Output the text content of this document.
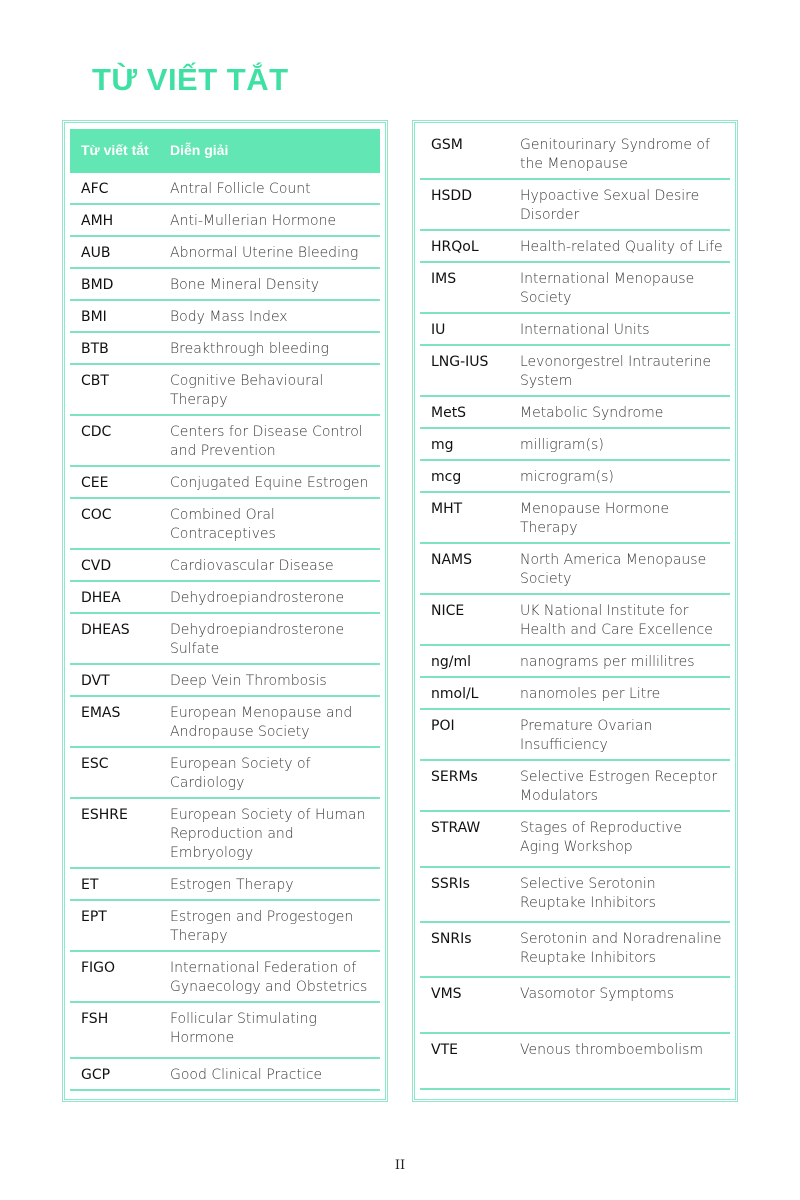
TỪ VIẾT TẮT
Từ viết tắt	Diễn giải
AFC	Antral Follicle Count
AMH	Anti-Mullerian Hormone
AUB	Abnormal Uterine Bleeding
BMD	Bone Mineral Density
BMI	Body Mass Index
BTB	Breakthrough bleeding
CBT	Cognitive Behavioural Therapy
CDC	Centers for Disease Control and Prevention
CEE	Conjugated Equine Estrogen
COC	Combined Oral Contraceptives
CVD	Cardiovascular Disease
DHEA	Dehydroepiandrosterone
DHEAS	Dehydroepiandrosterone Sulfate
DVT	Deep Vein Thrombosis
EMAS	European Menopause and Andropause Society
ESC	European Society of Cardiology
ESHRE	European Society of Human Reproduction and Embryology
ET	Estrogen Therapy
EPT	Estrogen and Progestogen Therapy
FIGO	International Federation of Gynaecology and Obstetrics
FSH	Follicular Stimulating Hormone
GCP	Good Clinical Practice
GSM	Genitourinary Syndrome of the Menopause
HSDD	Hypoactive Sexual Desire Disorder
HRQoL	Health-related Quality of Life
IMS	International Menopause Society
IU	International Units
LNG-IUS	Levonorgestrel Intrauterine System
MetS	Metabolic Syndrome
mg	milligram(s)
mcg	microgram(s)
MHT	Menopause Hormone Therapy
NAMS	North America Menopause Society
NICE	UK National Institute for Health and Care Excellence
ng/ml	nanograms per millilitres
nmol/L	nanomoles per Litre
POI	Premature Ovarian Insufficiency
SERMs	Selective Estrogen Receptor Modulators
STRAW	Stages of Reproductive Aging Workshop
SSRIs	Selective Serotonin Reuptake Inhibitors
SNRIs	Serotonin and Noradrenaline Reuptake Inhibitors
VMS	Vasomotor Symptoms
VTE	Venous thromboembolism
II
